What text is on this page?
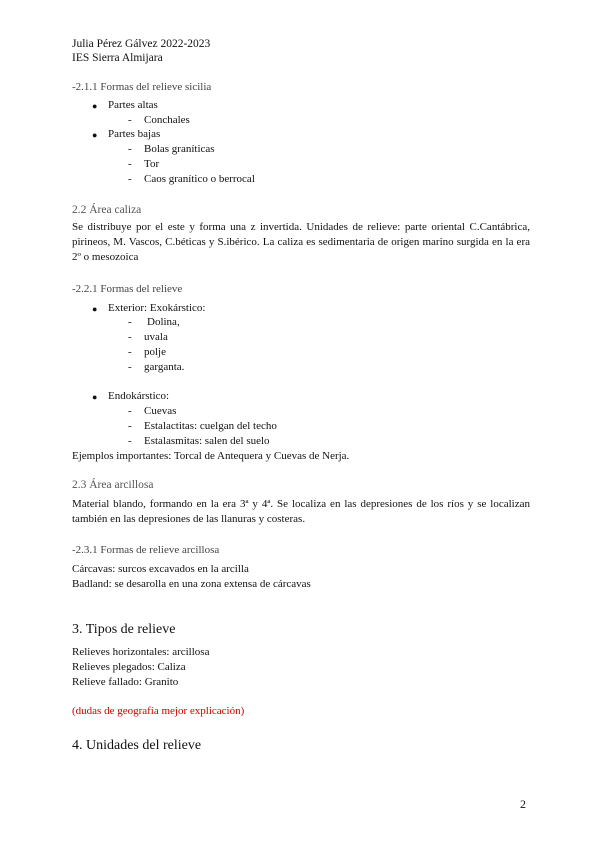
Julia Pérez Gálvez 2022-2023
IES Sierra Almijara
-2.1.1 Formas del relieve sicilia
● Partes altas
- Conchales
● Partes bajas
- Bolas graníticas
- Tor
- Caos granítico o berrocal
2.2 Área caliza
Se distribuye por el este y forma una z invertida. Unidades de relieve: parte oriental C.Cantábrica, pirineos, M. Vascos, C.béticas y S.ibérico. La caliza es sedimentaria de origen marino surgida en la era 2º o mesozoica
-2.2.1 Formas del relieve
● Exterior: Exokárstico:
- Dolina,
- uvala
- polje
- garganta.
● Endokárstico:
- Cuevas
- Estalactitas: cuelgan del techo
- Estalasmitas: salen del suelo
Ejemplos importantes: Torcal de Antequera y Cuevas de Nerja.
2.3 Área arcillosa
Material blando, formando en la era 3ª y 4ª. Se localiza en las depresiones de los ríos y se localizan también en las depresiones de las llanuras y costeras.
-2.3.1 Formas de relieve arcillosa
Cárcavas: surcos excavados en la arcilla
Badland: se desarolla en una zona extensa de cárcavas
3. Tipos de relieve
Relieves horizontales: arcillosa
Relieves plegados: Caliza
Relieve fallado: Granito
(dudas de geografía mejor explicación)
4. Unidades del relieve
2
